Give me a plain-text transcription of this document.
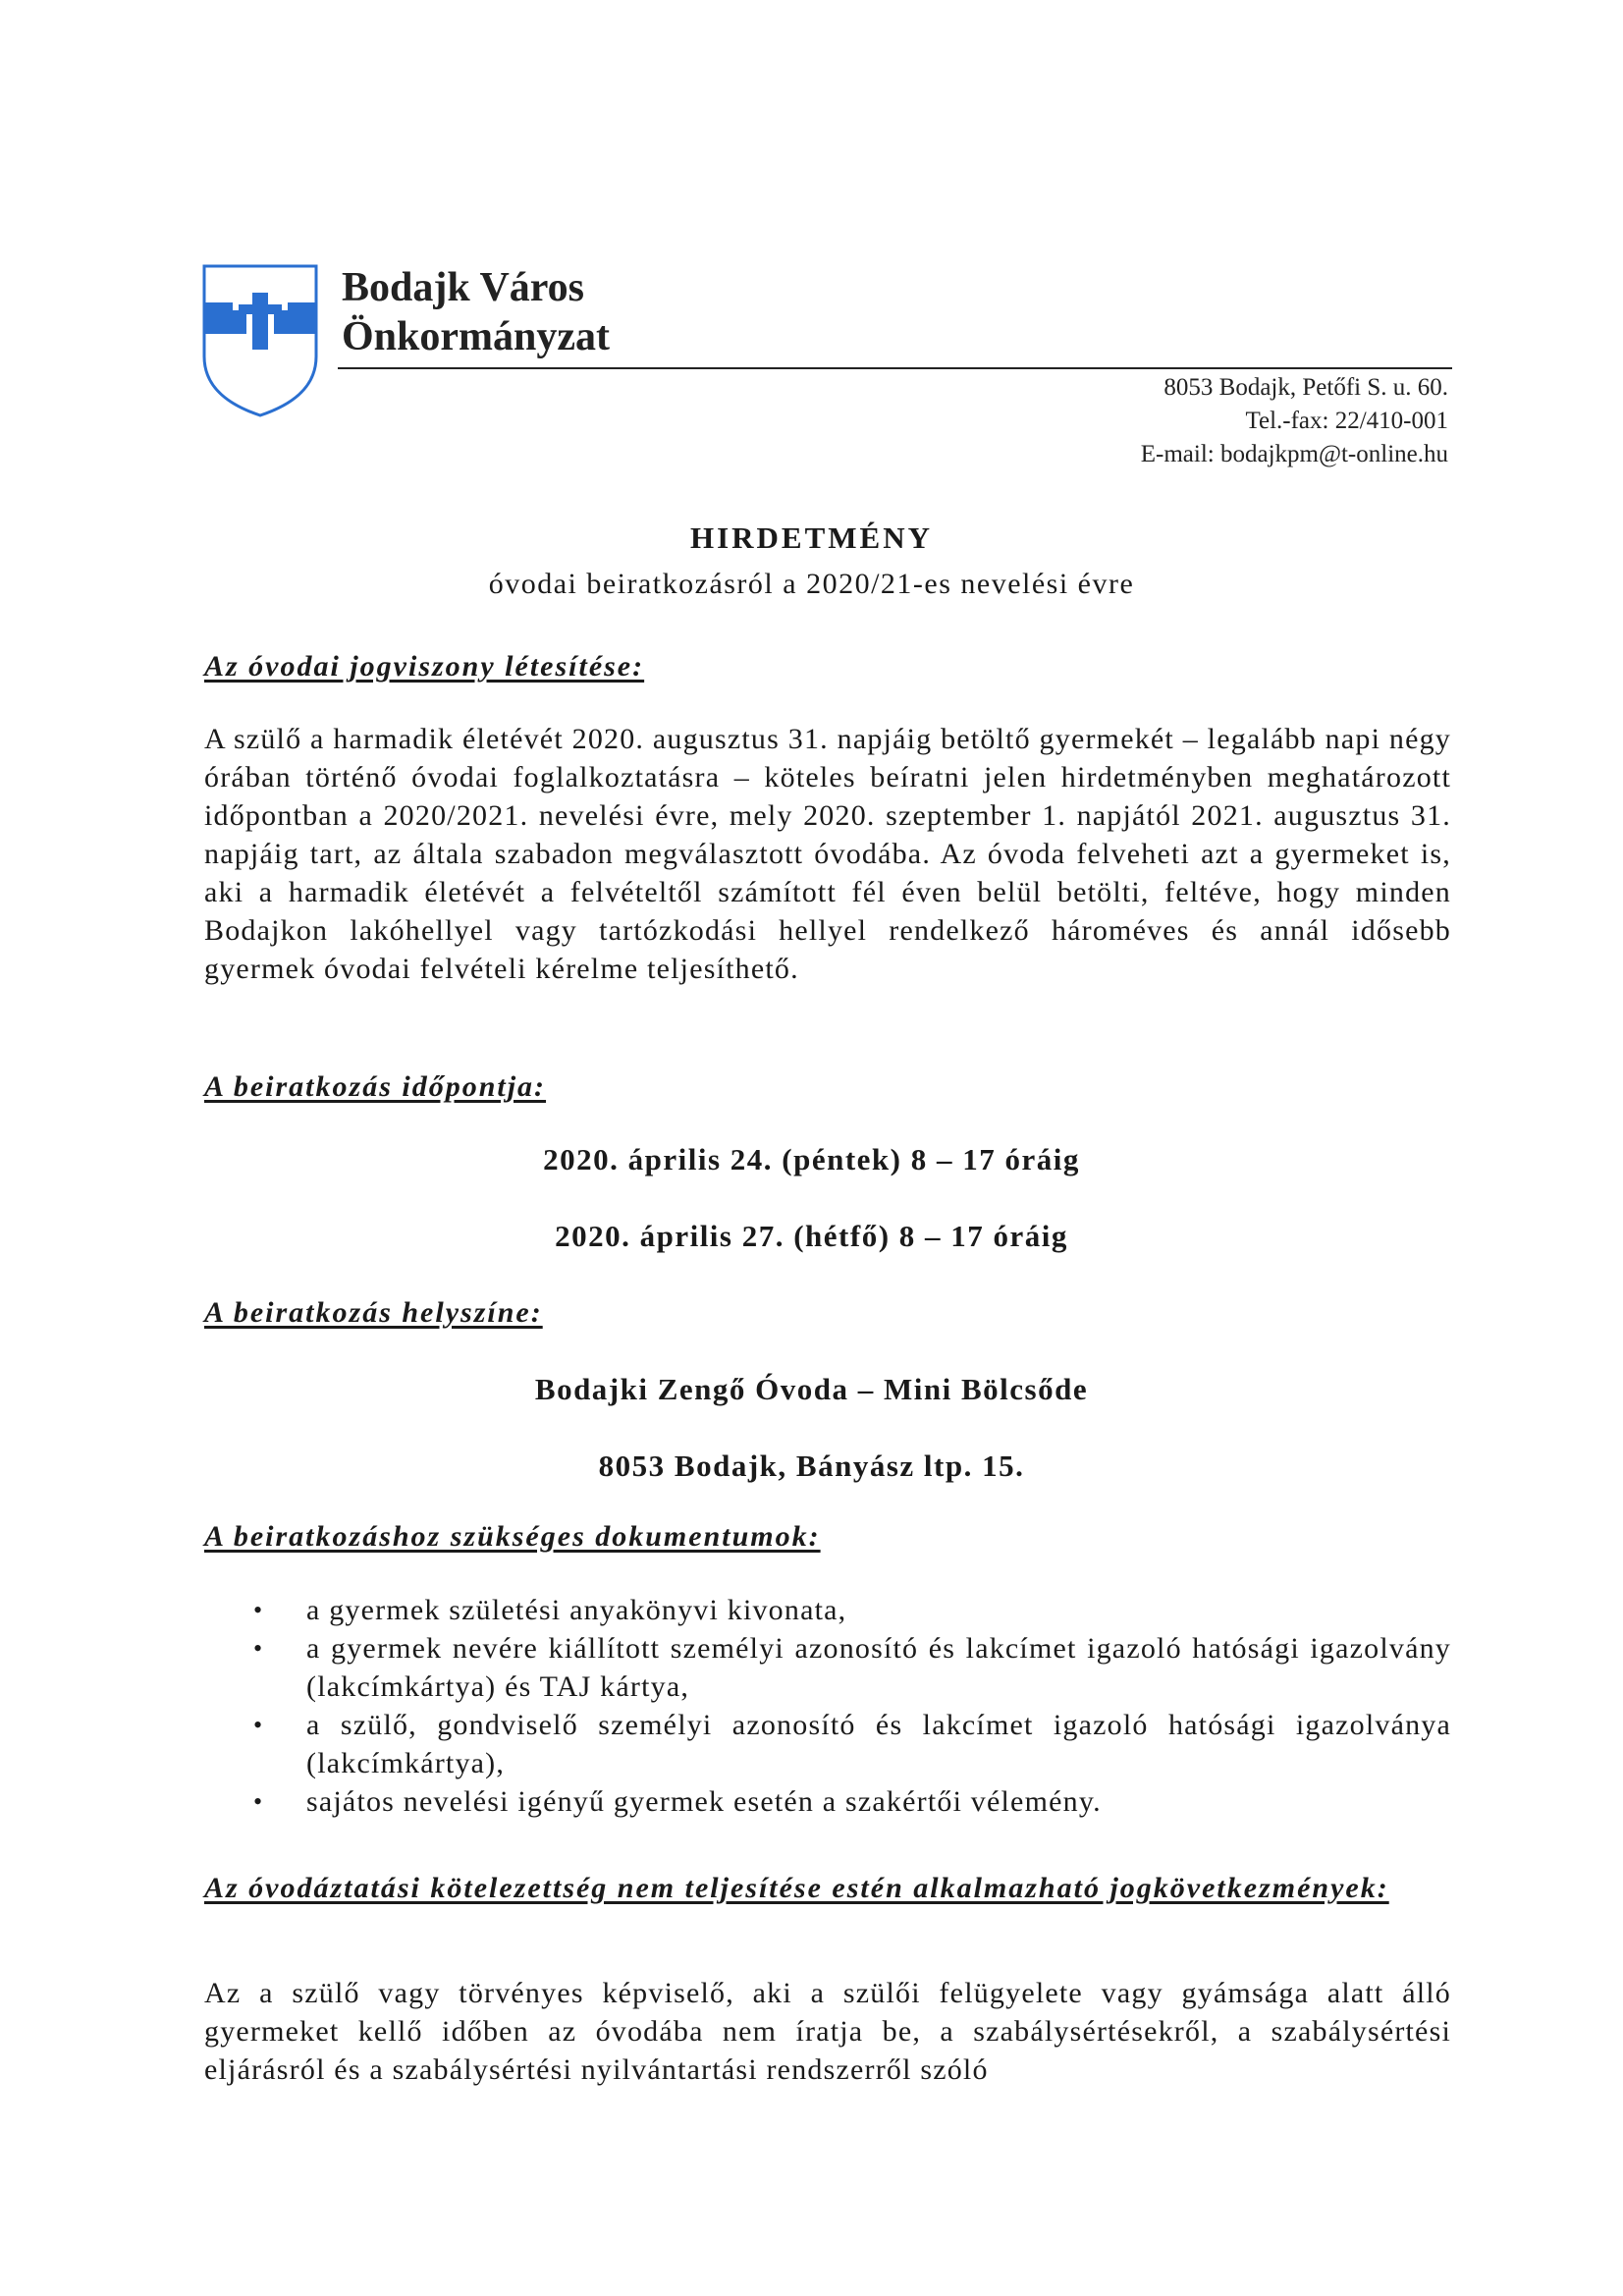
Bodajk Város
Önkormányzat
8053 Bodajk, Petőfi S. u. 60.
Tel.-fax: 22/410-001
E-mail: bodajkpm@t-online.hu
HIRDETMÉNY
óvodai beiratkozásról a 2020/21-es nevelési évre
Az óvodai jogviszony létesítése:

A szülő a harmadik életévét 2020. augusztus 31. napjáig betöltő gyermekét – legalább napi négy órában történő óvodai foglalkoztatásra – köteles beíratni jelen hirdetményben meghatározott időpontban a 2020/2021. nevelési évre, mely 2020. szeptember 1. napjától 2021. augusztus 31. napjáig tart, az általa szabadon megválasztott óvodába. Az óvoda felveheti azt a gyermeket is, aki a harmadik életévét a felvételtől számított fél éven belül betölti, feltéve, hogy minden Bodajkon lakóhellyel vagy tartózkodási hellyel rendelkező hároméves és annál idősebb gyermek óvodai felvételi kérelme teljesíthető.

A beiratkozás időpontja:
2020. április 24. (péntek) 8 – 17 óráig
2020. április 27. (hétfő) 8 – 17 óráig
A beiratkozás helyszíne:
Bodajki Zengő Óvoda – Mini Bölcsőde
8053 Bodajk, Bányász ltp. 15.
A beiratkozáshoz szükséges dokumentumok:
• a gyermek születési anyakönyvi kivonata,
• a gyermek nevére kiállított személyi azonosító és lakcímet igazoló hatósági igazolvány (lakcímkártya) és TAJ kártya,
• a szülő, gondviselő személyi azonosító és lakcímet igazoló hatósági igazolványa (lakcímkártya),
• sajátos nevelési igényű gyermek esetén a szakértői vélemény.
Az óvodáztatási kötelezettség nem teljesítése estén alkalmazható jogkövetkezmények:

Az a szülő vagy törvényes képviselő, aki a szülői felügyelete vagy gyámsága alatt álló gyermeket kellő időben az óvodába nem íratja be, a szabálysértésekről, a szabálysértési eljárásról és a szabálysértési nyilvántartási rendszerről szóló
